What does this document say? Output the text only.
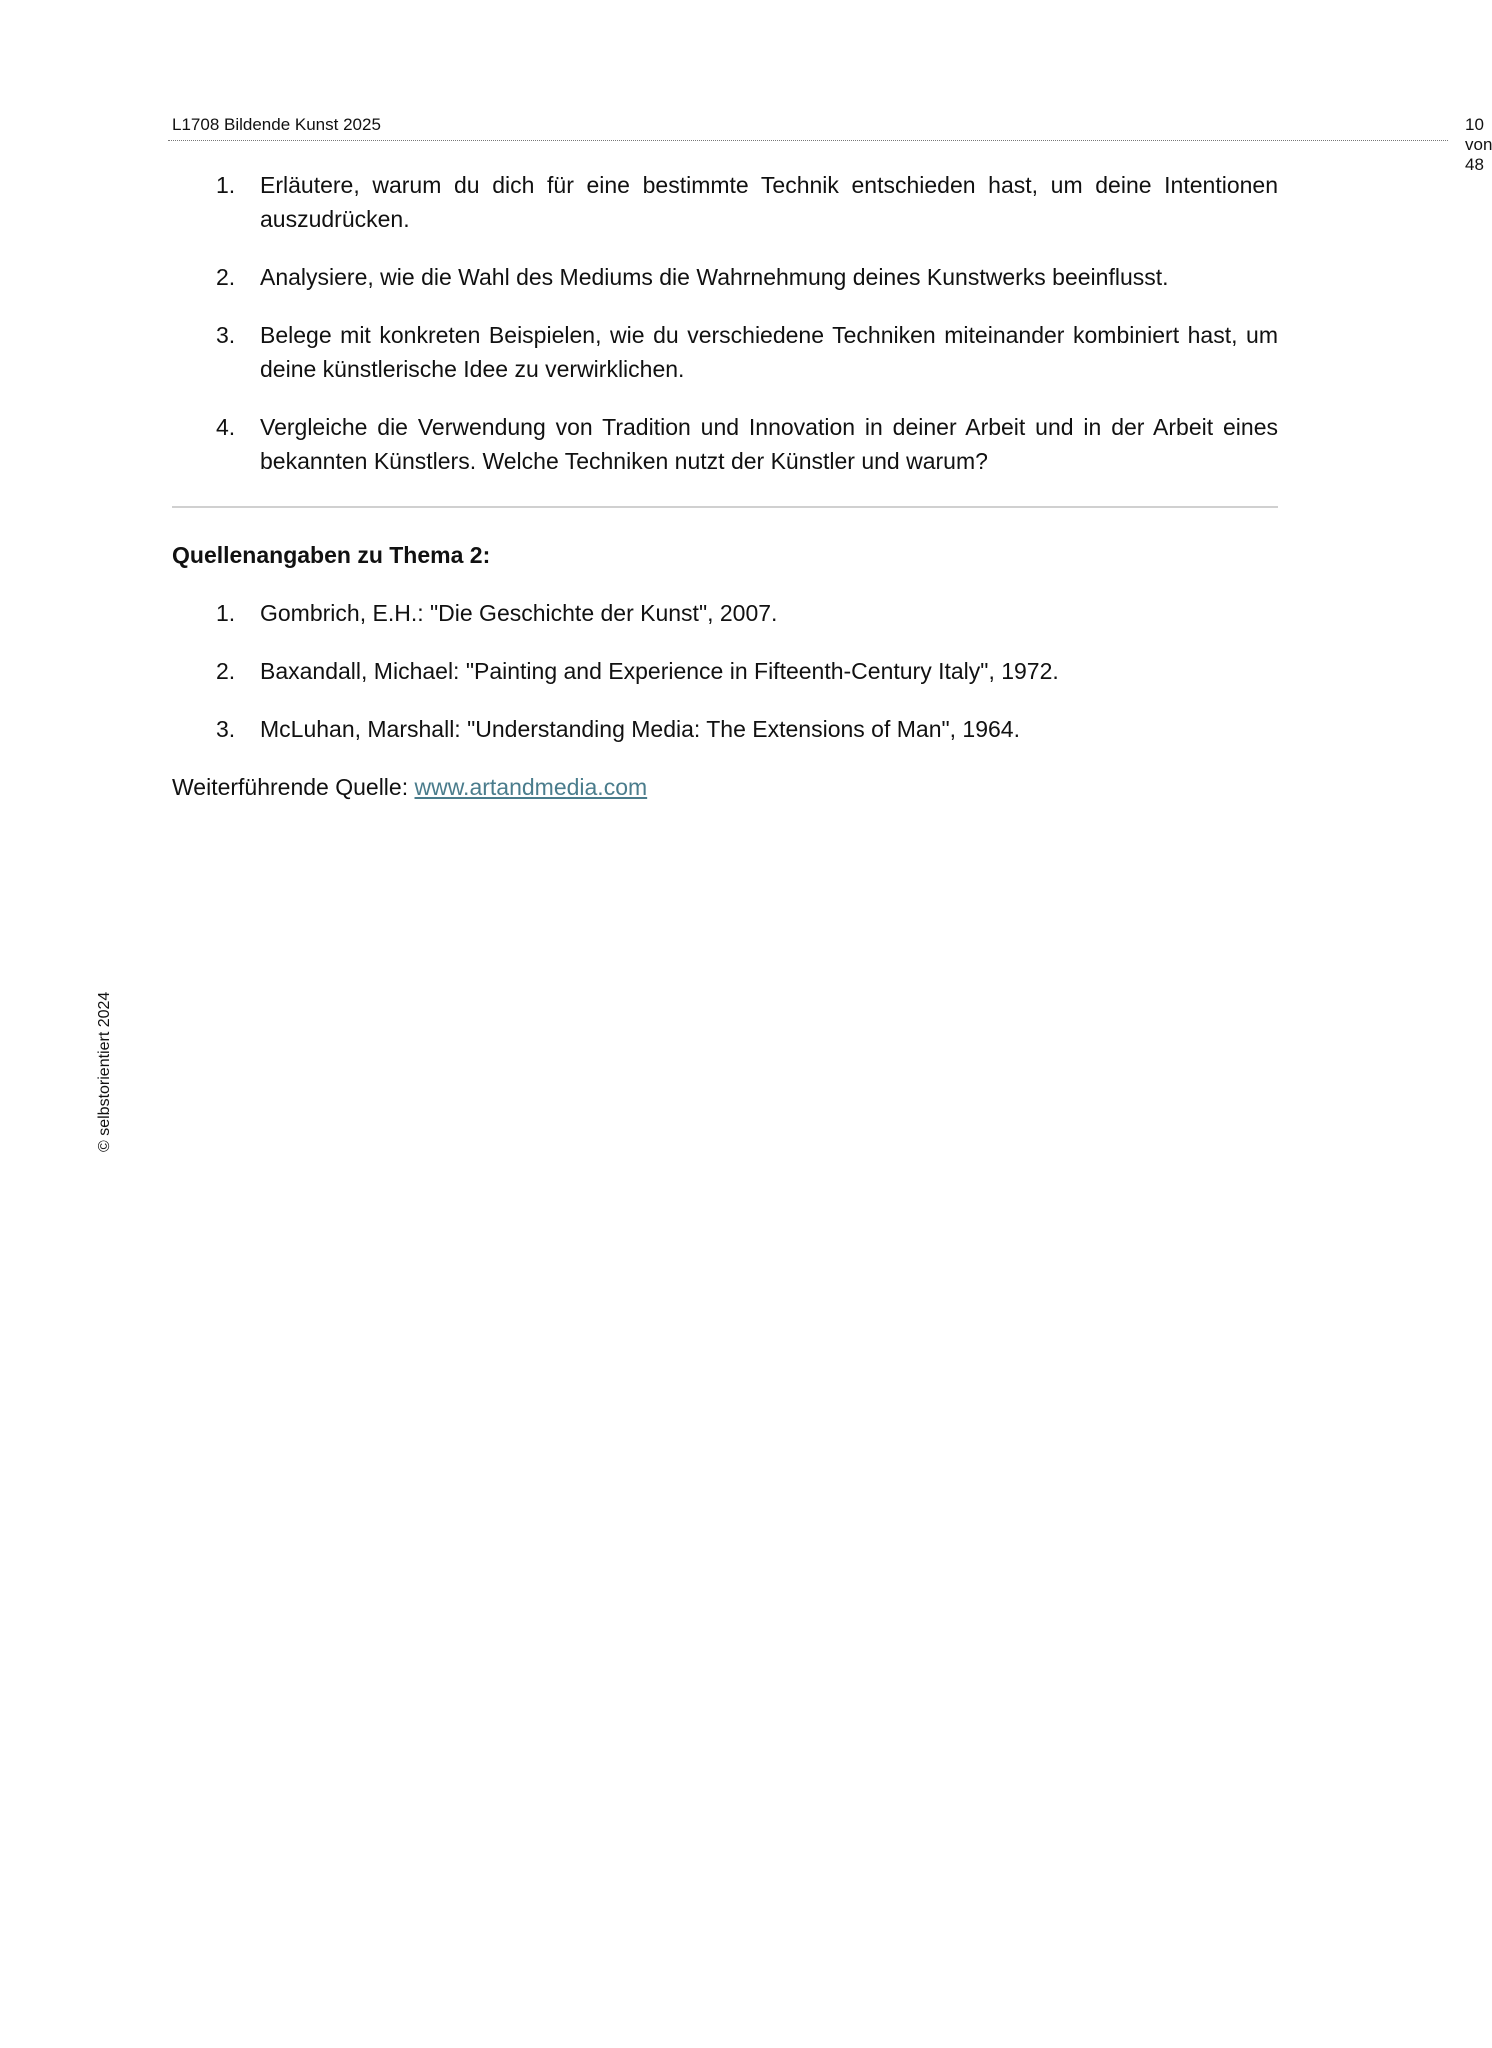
L1708 Bildende Kunst 2025	10 von 48
© selbstorientiert 2024
1. Erläutere, warum du dich für eine bestimmte Technik entschieden hast, um deine Intentionen auszudrücken.
2. Analysiere, wie die Wahl des Mediums die Wahrnehmung deines Kunstwerks beeinflusst.
3. Belege mit konkreten Beispielen, wie du verschiedene Techniken miteinander kombiniert hast, um deine künstlerische Idee zu verwirklichen.
4. Vergleiche die Verwendung von Tradition und Innovation in deiner Arbeit und in der Arbeit eines bekannten Künstlers. Welche Techniken nutzt der Künstler und warum?
Quellenangaben zu Thema 2:
1. Gombrich, E.H.: "Die Geschichte der Kunst", 2007.
2. Baxandall, Michael: "Painting and Experience in Fifteenth-Century Italy", 1972.
3. McLuhan, Marshall: "Understanding Media: The Extensions of Man", 1964.
Weiterführende Quelle: www.artandmedia.com
